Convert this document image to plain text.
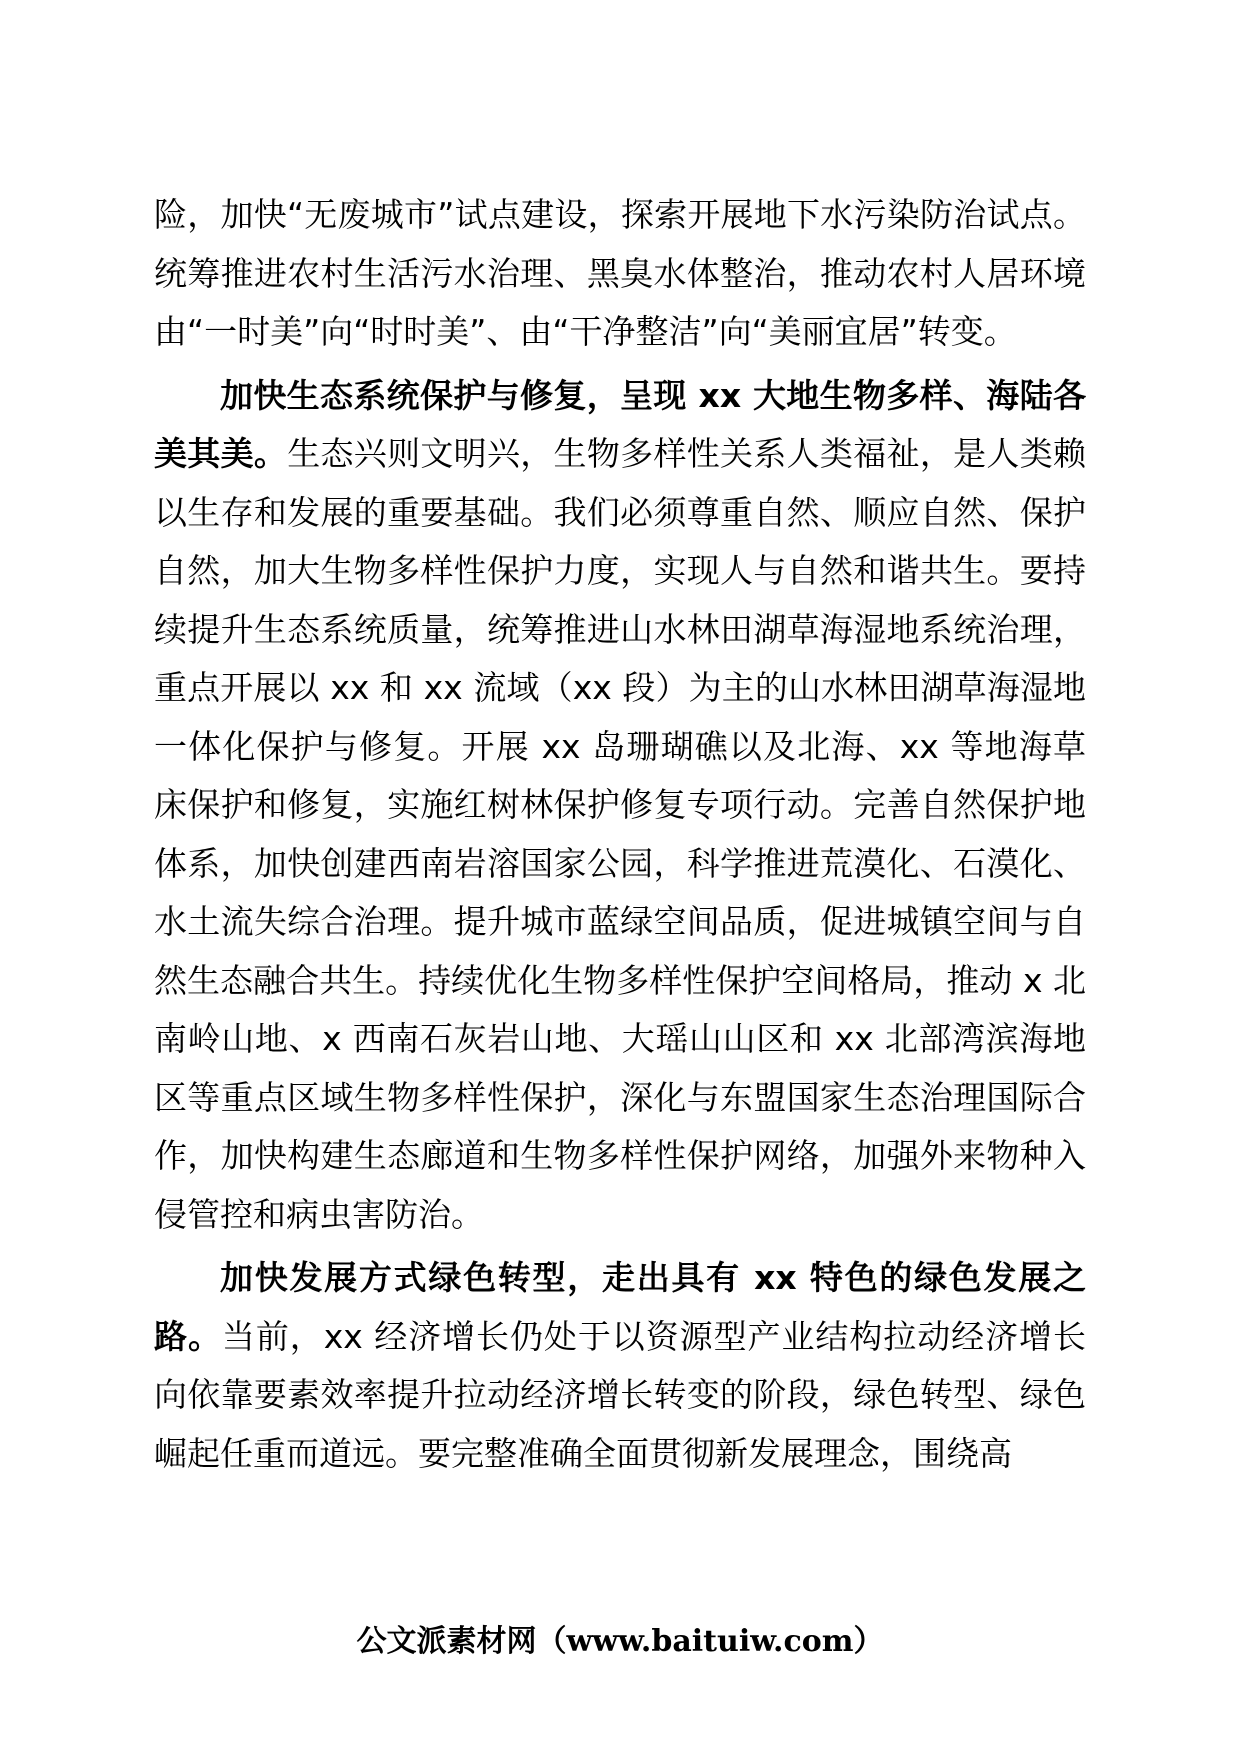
险，加快“无废城市”试点建设，探索开展地下水污染防治试点。统筹推进农村生活污水治理、黑臭水体整治，推动农村人居环境由“一时美”向“时时美”、由“干净整洁”向“美丽宜居”转变。

加快生态系统保护与修复，呈现 xx 大地生物多样、海陆各美其美。生态兴则文明兴，生物多样性关系人类福祉，是人类赖以生存和发展的重要基础。我们必须尊重自然、顺应自然、保护自然，加大生物多样性保护力度，实现人与自然和谐共生。要持续提升生态系统质量，统筹推进山水林田湖草海湿地系统治理，重点开展以 xx 和 xx 流域（xx 段）为主的山水林田湖草海湿地一体化保护与修复。开展 xx 岛珊瑚礁以及北海、xx 等地海草床保护和修复，实施红树林保护修复专项行动。完善自然保护地体系，加快创建西南岩溶国家公园，科学推进荒漠化、石漠化、水土流失综合治理。提升城市蓝绿空间品质，促进城镇空间与自然生态融合共生。持续优化生物多样性保护空间格局，推动 x 北南岭山地、x 西南石灰岩山地、大瑶山山区和 xx 北部湾滨海地区等重点区域生物多样性保护，深化与东盟国家生态治理国际合作，加快构建生态廊道和生物多样性保护网络，加强外来物种入侵管控和病虫害防治。

加快发展方式绿色转型，走出具有 xx 特色的绿色发展之路。当前，xx 经济增长仍处于以资源型产业结构拉动经济增长向依靠要素效率提升拉动经济增长转变的阶段，绿色转型、绿色崛起任重而道远。要完整准确全面贯彻新发展理念，围绕高

公文派素材网（www.baituiw.com）
